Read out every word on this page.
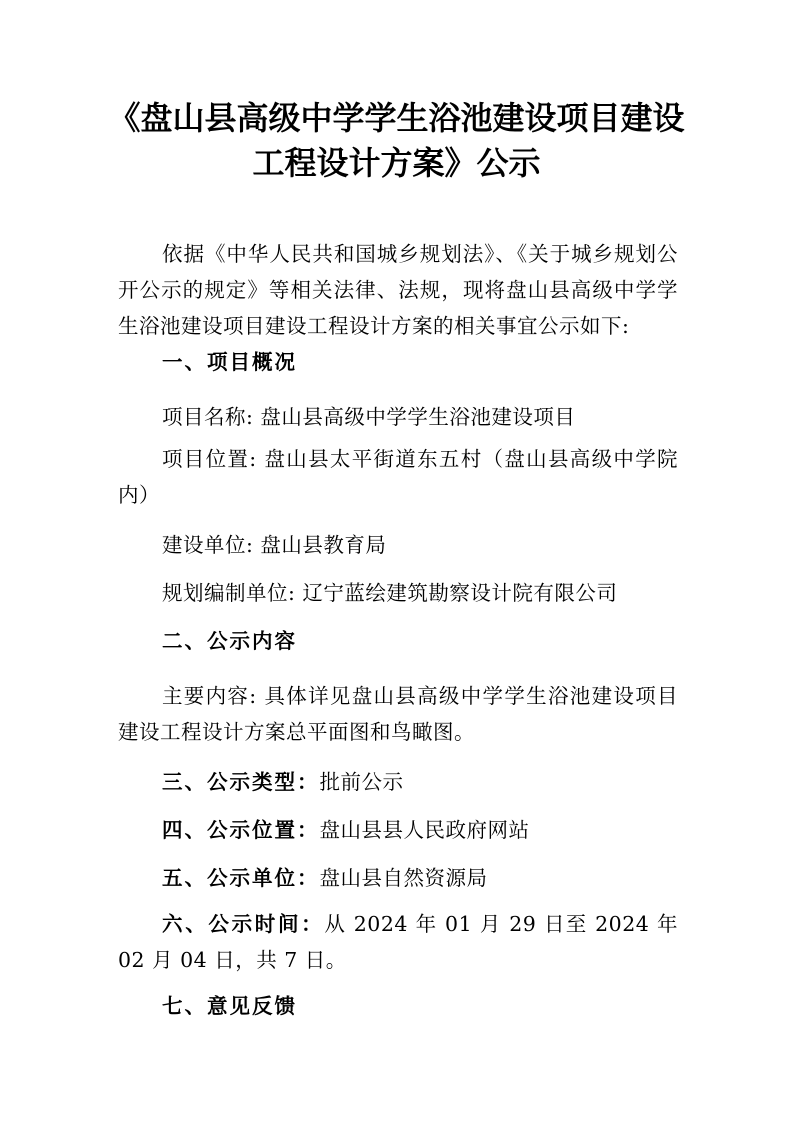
《盘山县高级中学学生浴池建设项目建设
工程设计方案》公示

依据《中华人民共和国城乡规划法》、《关于城乡规划公开公示的规定》等相关法律、法规，现将盘山县高级中学学生浴池建设项目建设工程设计方案的相关事宜公示如下:

一、项目概况

项目名称: 盘山县高级中学学生浴池建设项目

项目位置: 盘山县太平街道东五村（盘山县高级中学院内）

建设单位: 盘山县教育局

规划编制单位: 辽宁蓝绘建筑勘察设计院有限公司

二、公示内容

主要内容: 具体详见盘山县高级中学学生浴池建设项目建设工程设计方案总平面图和鸟瞰图。

三、公示类型：批前公示

四、公示位置：盘山县县人民政府网站

五、公示单位：盘山县自然资源局

六、公示时间：从 2024 年 01 月 29 日至 2024 年 02 月 04 日，共 7 日。

七、意见反馈
